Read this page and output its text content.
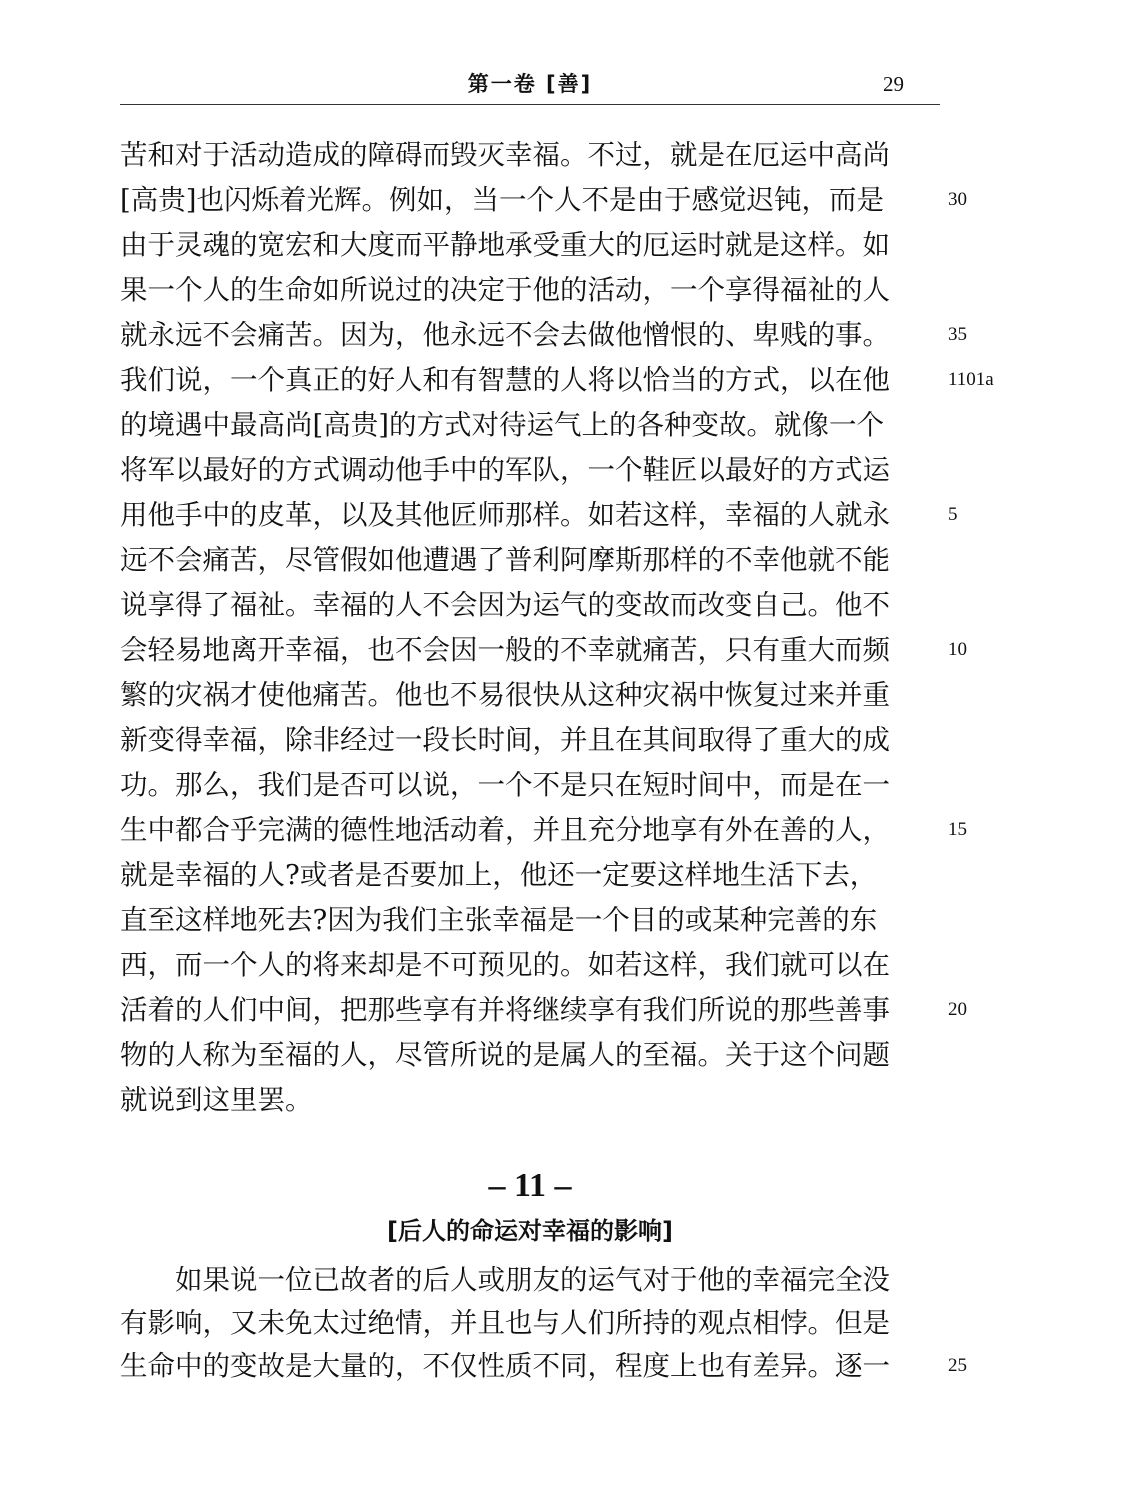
第一卷 [善]	29
苦和对于活动造成的障碍而毁灭幸福。不过，就是在厄运中高尚
[高贵]也闪烁着光辉。例如，当一个人不是由于感觉迟钝，而是	30
由于灵魂的宽宏和大度而平静地承受重大的厄运时就是这样。如
果一个人的生命如所说过的决定于他的活动，一个享得福祉的人
就永远不会痛苦。因为，他永远不会去做他憎恨的、卑贱的事。	35
我们说，一个真正的好人和有智慧的人将以恰当的方式，以在他	1101a
的境遇中最高尚[高贵]的方式对待运气上的各种变故。就像一个
将军以最好的方式调动他手中的军队，一个鞋匠以最好的方式运
用他手中的皮革，以及其他匠师那样。如若这样，幸福的人就永	5
远不会痛苦，尽管假如他遭遇了普利阿摩斯那样的不幸他就不能
说享得了福祉。幸福的人不会因为运气的变故而改变自己。他不
会轻易地离开幸福，也不会因一般的不幸就痛苦，只有重大而频	10
繁的灾祸才使他痛苦。他也不易很快从这种灾祸中恢复过来并重
新变得幸福，除非经过一段长时间，并且在其间取得了重大的成
功。那么，我们是否可以说，一个不是只在短时间中，而是在一
生中都合乎完满的德性地活动着，并且充分地享有外在善的人，	15
就是幸福的人?或者是否要加上，他还一定要这样地生活下去，
直至这样地死去?因为我们主张幸福是一个目的或某种完善的东
西，而一个人的将来却是不可预见的。如若这样，我们就可以在
活着的人们中间，把那些享有并将继续享有我们所说的那些善事	20
物的人称为至福的人，尽管所说的是属人的至福。关于这个问题
就说到这里罢。
– 11 –
[后人的命运对幸福的影响]
　　如果说一位已故者的后人或朋友的运气对于他的幸福完全没
有影响，又未免太过绝情，并且也与人们所持的观点相悖。但是
生命中的变故是大量的，不仅性质不同，程度上也有差异。逐一	25
